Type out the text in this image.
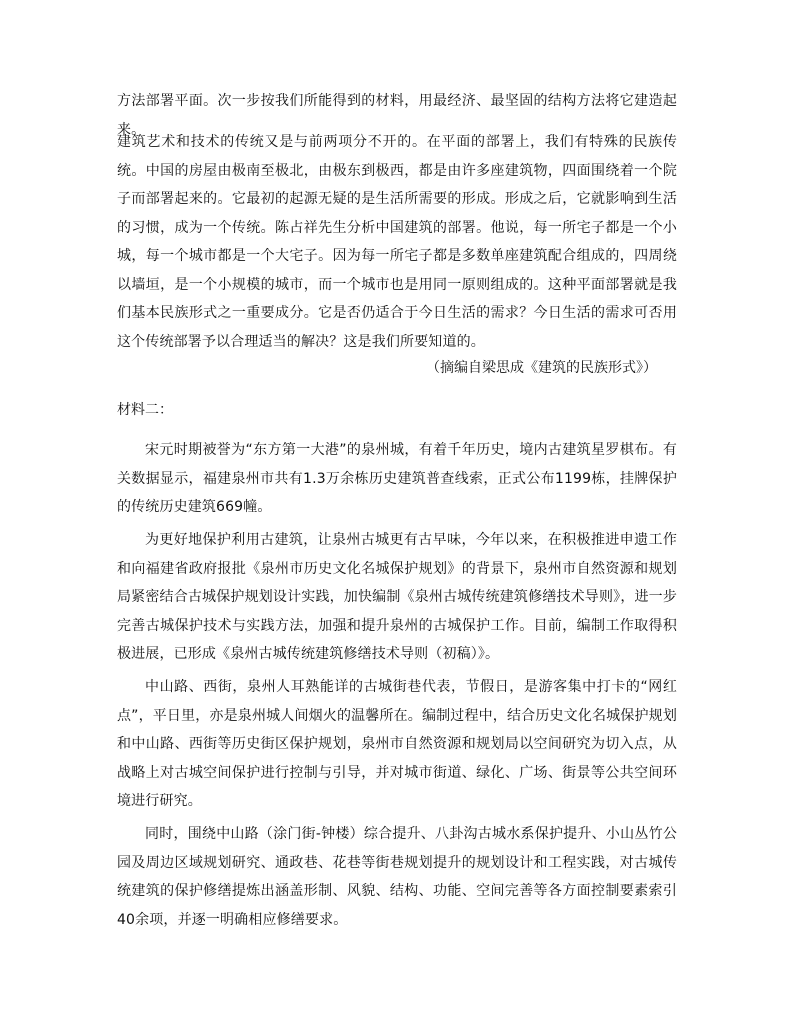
方法部署平面。次一步按我们所能得到的材料，用最经济、最坚固的结构方法将它建造起来。

建筑艺术和技术的传统又是与前两项分不开的。在平面的部署上，我们有特殊的民族传统。中国的房屋由极南至极北，由极东到极西，都是由许多座建筑物，四面围绕着一个院子而部署起来的。它最初的起源无疑的是生活所需要的形成。形成之后，它就影响到生活的习惯，成为一个传统。陈占祥先生分析中国建筑的部署。他说，每一所宅子都是一个小城，每一个城市都是一个大宅子。因为每一所宅子都是多数单座建筑配合组成的，四周绕以墙垣，是一个小规模的城市，而一个城市也是用同一原则组成的。这种平面部署就是我们基本民族形式之一重要成分。它是否仍适合于今日生活的需求？今日生活的需求可否用这个传统部署予以合理适当的解决？这是我们所要知道的。

（摘编自梁思成《建筑的民族形式》）

材料二：

宋元时期被誉为“东方第一大港”的泉州城，有着千年历史，境内古建筑星罗棋布。有关数据显示，福建泉州市共有1.3万余栋历史建筑普查线索，正式公布1199栋，挂牌保护的传统历史建筑669幢。

为更好地保护利用古建筑，让泉州古城更有古早味，今年以来，在积极推进申遗工作和向福建省政府报批《泉州市历史文化名城保护规划》的背景下，泉州市自然资源和规划局紧密结合古城保护规划设计实践，加快编制《泉州古城传统建筑修缮技术导则》，进一步完善古城保护技术与实践方法，加强和提升泉州的古城保护工作。目前，编制工作取得积极进展，已形成《泉州古城传统建筑修缮技术导则（初稿）》。

中山路、西街，泉州人耳熟能详的古城街巷代表，节假日，是游客集中打卡的“网红点”，平日里，亦是泉州城人间烟火的温馨所在。编制过程中，结合历史文化名城保护规划和中山路、西街等历史街区保护规划，泉州市自然资源和规划局以空间研究为切入点，从战略上对古城空间保护进行控制与引导，并对城市街道、绿化、广场、街景等公共空间环境进行研究。

同时，围绕中山路（涂门街-钟楼）综合提升、八卦沟古城水系保护提升、小山丛竹公园及周边区域规划研究、通政巷、花巷等街巷规划提升的规划设计和工程实践，对古城传统建筑的保护修缮提炼出涵盖形制、风貌、结构、功能、空间完善等各方面控制要素索引40余项，并逐一明确相应修缮要求。
